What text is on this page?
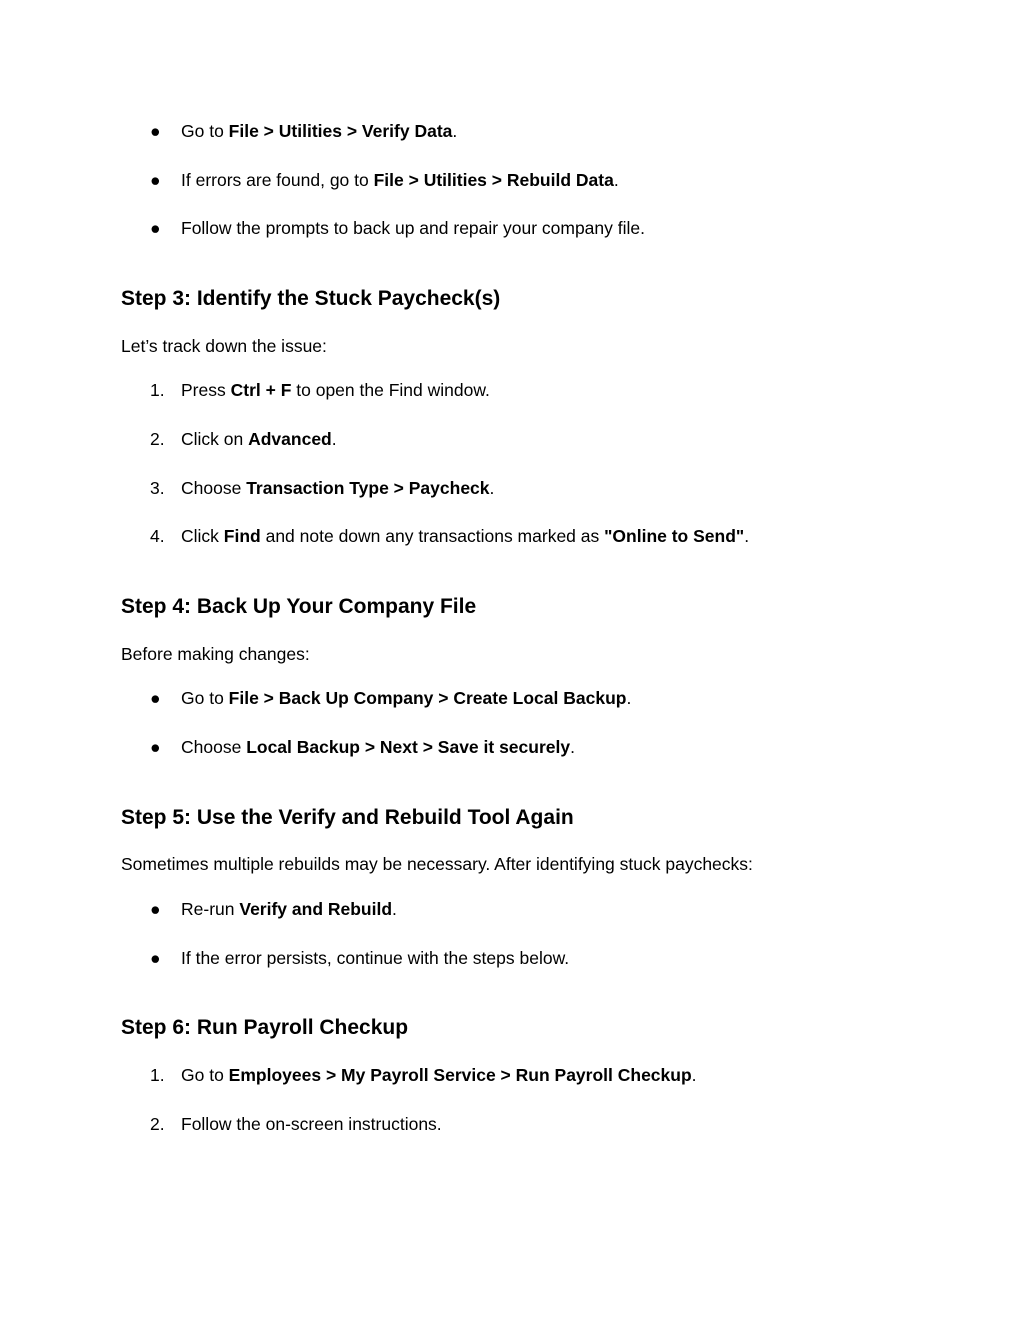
● Go to File > Utilities > Verify Data.
● If errors are found, go to File > Utilities > Rebuild Data.
● Follow the prompts to back up and repair your company file.
Step 3: Identify the Stuck Paycheck(s)
Let’s track down the issue:
1. Press Ctrl + F to open the Find window.
2. Click on Advanced.
3. Choose Transaction Type > Paycheck.
4. Click Find and note down any transactions marked as "Online to Send".
Step 4: Back Up Your Company File
Before making changes:
● Go to File > Back Up Company > Create Local Backup.
● Choose Local Backup > Next > Save it securely.
Step 5: Use the Verify and Rebuild Tool Again
Sometimes multiple rebuilds may be necessary. After identifying stuck paychecks:
● Re-run Verify and Rebuild.
● If the error persists, continue with the steps below.
Step 6: Run Payroll Checkup
1. Go to Employees > My Payroll Service > Run Payroll Checkup.
2. Follow the on-screen instructions.
